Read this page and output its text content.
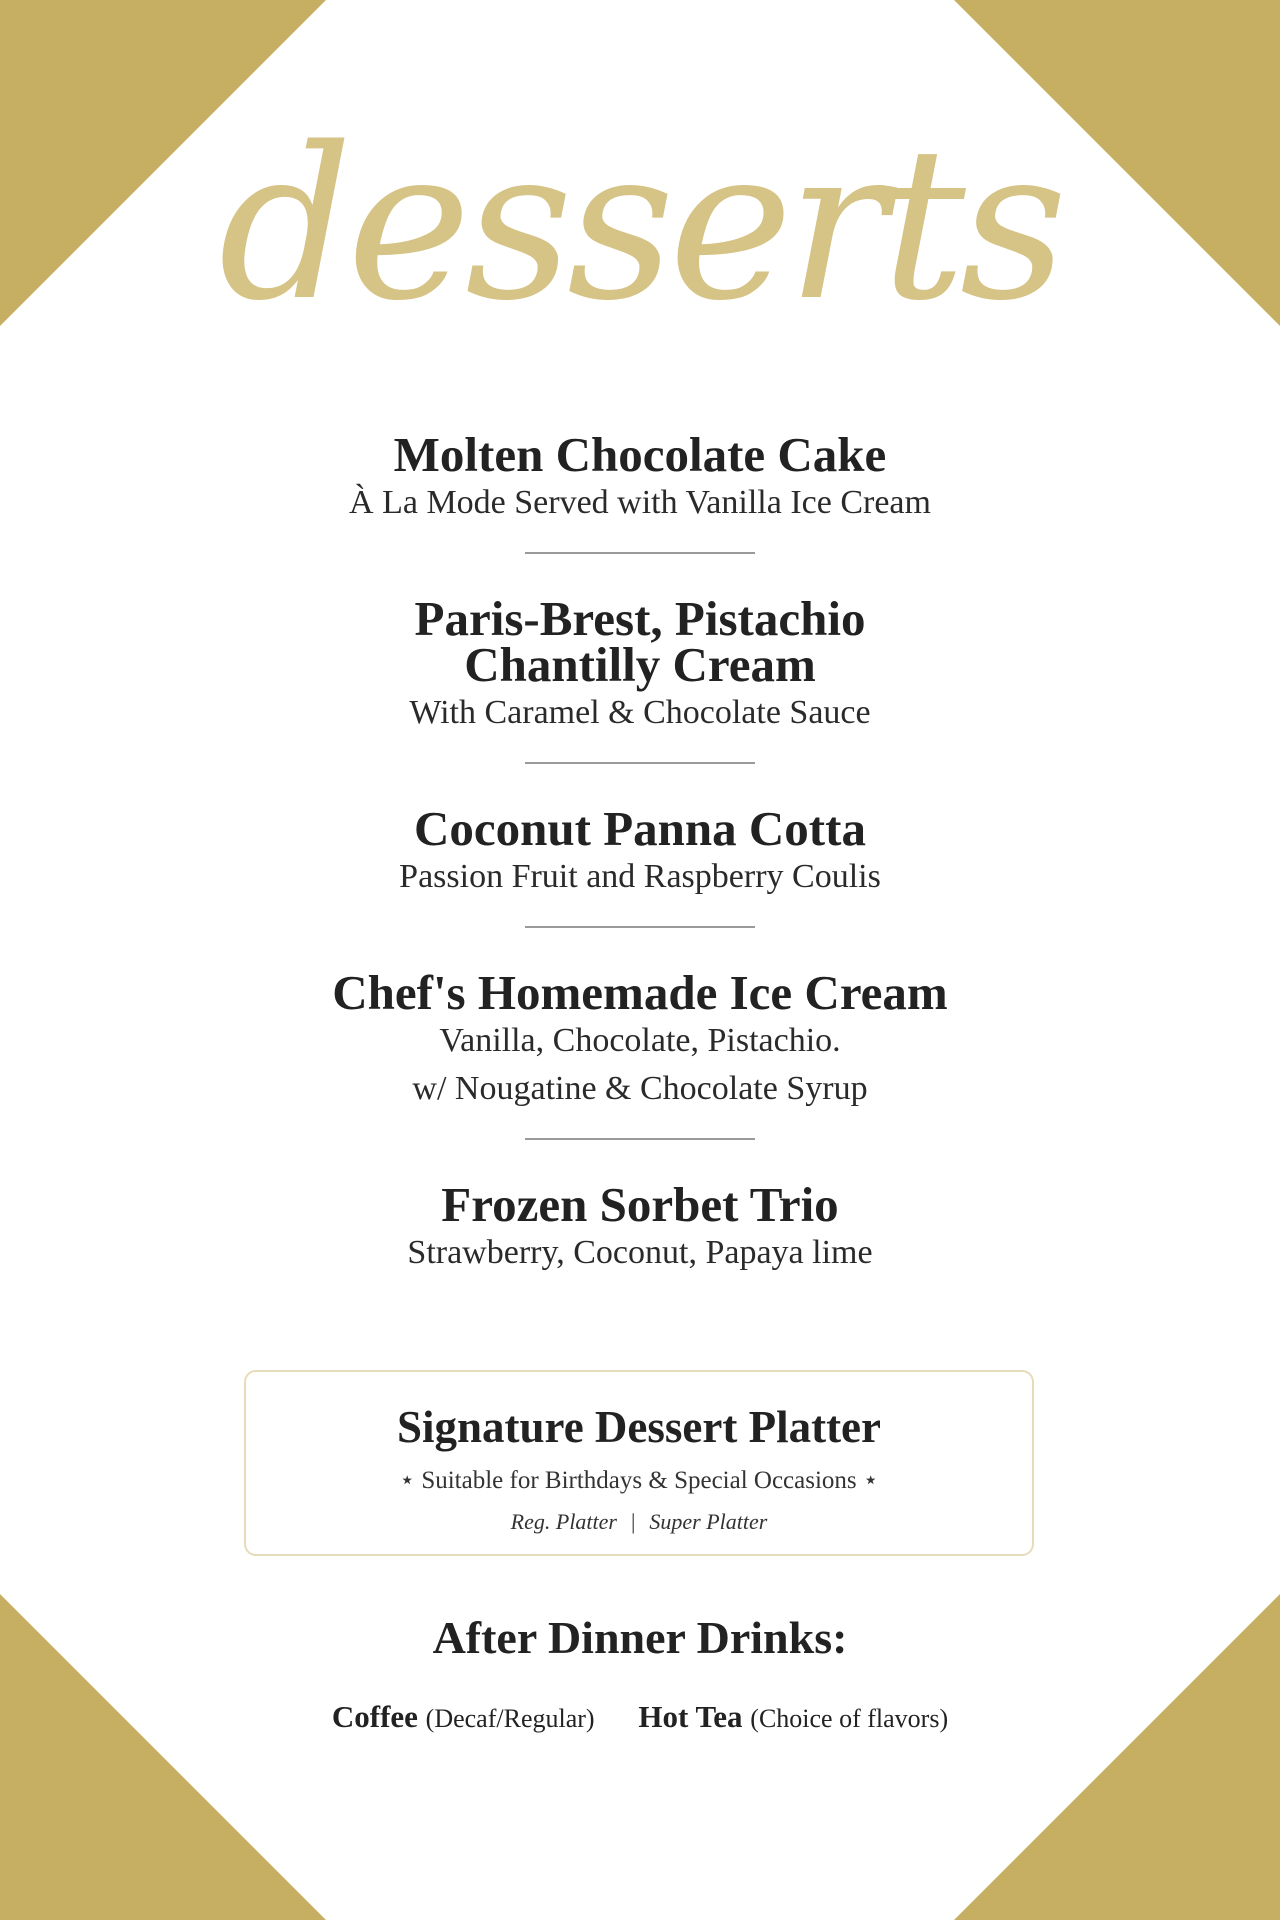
desserts
Molten Chocolate Cake
À La Mode Served with Vanilla Ice Cream
Paris-Brest, Pistachio
Chantilly Cream
With Caramel & Chocolate Sauce
Coconut Panna Cotta
Passion Fruit and Raspberry Coulis
Chef's Homemade Ice Cream
Vanilla, Chocolate, Pistachio.
w/ Nougatine & Chocolate Syrup
Frozen Sorbet Trio
Strawberry, Coconut, Papaya lime
Signature Dessert Platter
⋆ Suitable for Birthdays & Special Occasions ⋆
Reg. Platter | Super Platter
After Dinner Drinks:
Coffee (Decaf/Regular) Hot Tea (Choice of flavors)
